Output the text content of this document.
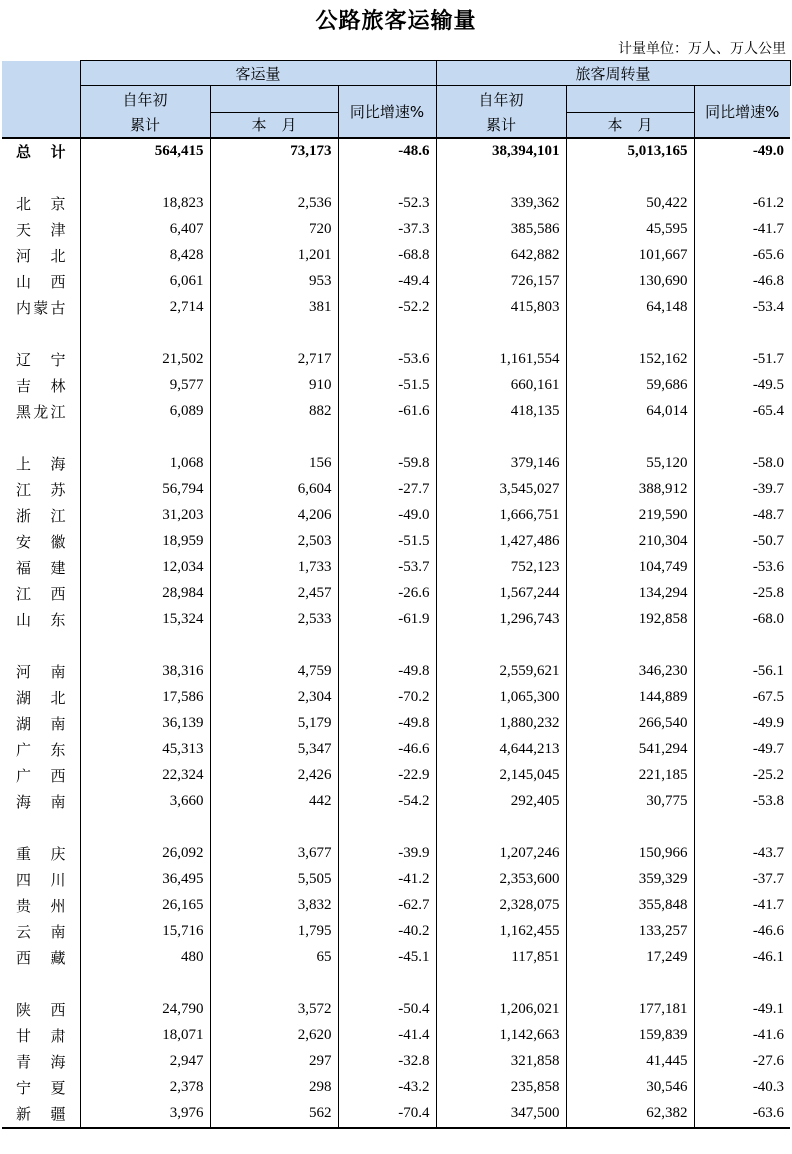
公路旅客运输量
计量单位：万人、万人公里
	客运量			旅客周转量		
	自年初		同比增速%	自年初		同比增速%
	累计	本　月		累计	本　月	
总　计	564,415	73,173	-48.6	38,394,101	5,013,165	-49.0

北京	18,823	2,536	-52.3	339,362	50,422	-61.2
天津	6,407	720	-37.3	385,586	45,595	-41.7
河北	8,428	1,201	-68.8	642,882	101,667	-65.6
山西	6,061	953	-49.4	726,157	130,690	-46.8
内蒙古	2,714	381	-52.2	415,803	64,148	-53.4

辽宁	21,502	2,717	-53.6	1,161,554	152,162	-51.7
吉林	9,577	910	-51.5	660,161	59,686	-49.5
黑龙江	6,089	882	-61.6	418,135	64,014	-65.4

上海	1,068	156	-59.8	379,146	55,120	-58.0
江苏	56,794	6,604	-27.7	3,545,027	388,912	-39.7
浙江	31,203	4,206	-49.0	1,666,751	219,590	-48.7
安徽	18,959	2,503	-51.5	1,427,486	210,304	-50.7
福建	12,034	1,733	-53.7	752,123	104,749	-53.6
江西	28,984	2,457	-26.6	1,567,244	134,294	-25.8
山东	15,324	2,533	-61.9	1,296,743	192,858	-68.0

河南	38,316	4,759	-49.8	2,559,621	346,230	-56.1
湖北	17,586	2,304	-70.2	1,065,300	144,889	-67.5
湖南	36,139	5,179	-49.8	1,880,232	266,540	-49.9
广东	45,313	5,347	-46.6	4,644,213	541,294	-49.7
广西	22,324	2,426	-22.9	2,145,045	221,185	-25.2
海南	3,660	442	-54.2	292,405	30,775	-53.8

重庆	26,092	3,677	-39.9	1,207,246	150,966	-43.7
四川	36,495	5,505	-41.2	2,353,600	359,329	-37.7
贵州	26,165	3,832	-62.7	2,328,075	355,848	-41.7
云南	15,716	1,795	-40.2	1,162,455	133,257	-46.6
西藏	480	65	-45.1	117,851	17,249	-46.1

陕西	24,790	3,572	-50.4	1,206,021	177,181	-49.1
甘肃	18,071	2,620	-41.4	1,142,663	159,839	-41.6
青海	2,947	297	-32.8	321,858	41,445	-27.6
宁夏	2,378	298	-43.2	235,858	30,546	-40.3
新疆	3,976	562	-70.4	347,500	62,382	-63.6
